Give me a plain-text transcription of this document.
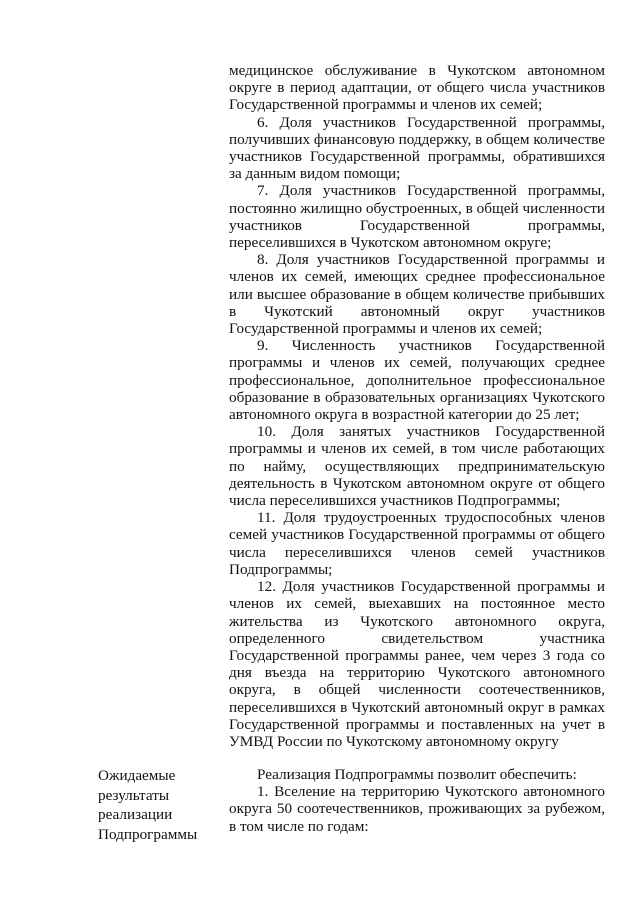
медицинское обслуживание в Чукотском автономном округе в период адаптации, от общего числа участников Государственной программы и членов их семей;

6. Доля участников Государственной программы, получивших финансовую поддержку, в общем количестве участников Государственной программы, обратившихся за данным видом помощи;

7. Доля участников Государственной программы, постоянно жилищно обустроенных, в общей численности участников Государственной программы, переселившихся в Чукотском автономном округе;

8. Доля участников Государственной программы и членов их семей, имеющих среднее профессиональное или высшее образование в общем количестве прибывших в Чукотский автономный округ участников Государственной программы и членов их семей;

9. Численность участников Государственной программы и членов их семей, получающих среднее профессиональное, дополнительное профессиональное образование в образовательных организациях Чукотского автономного округа в возрастной категории до 25 лет;

10. Доля занятых участников Государственной программы и членов их семей, в том числе работающих по найму, осуществляющих предпринимательскую деятельность в Чукотском автономном округе от общего числа переселившихся участников Подпрограммы;

11. Доля трудоустроенных трудоспособных членов семей участников Государственной программы от общего числа переселившихся членов семей участников Подпрограммы;

12. Доля участников Государственной программы и членов их семей, выехавших на постоянное место жительства из Чукотского автономного округа, определенного свидетельством участника Государственной программы ранее, чем через 3 года со дня въезда на территорию Чукотского автономного округа, в общей численности соотечественников, переселившихся в Чукотский автономный округ в рамках Государственной программы и поставленных на учет в УМВД России по Чукотскому автономному округу

Ожидаемые
результаты
реализации
Подпрограммы

Реализация Подпрограммы позволит обеспечить:

1. Вселение на территорию Чукотского автономного округа 50 соотечественников, проживающих за рубежом, в том числе по годам:
